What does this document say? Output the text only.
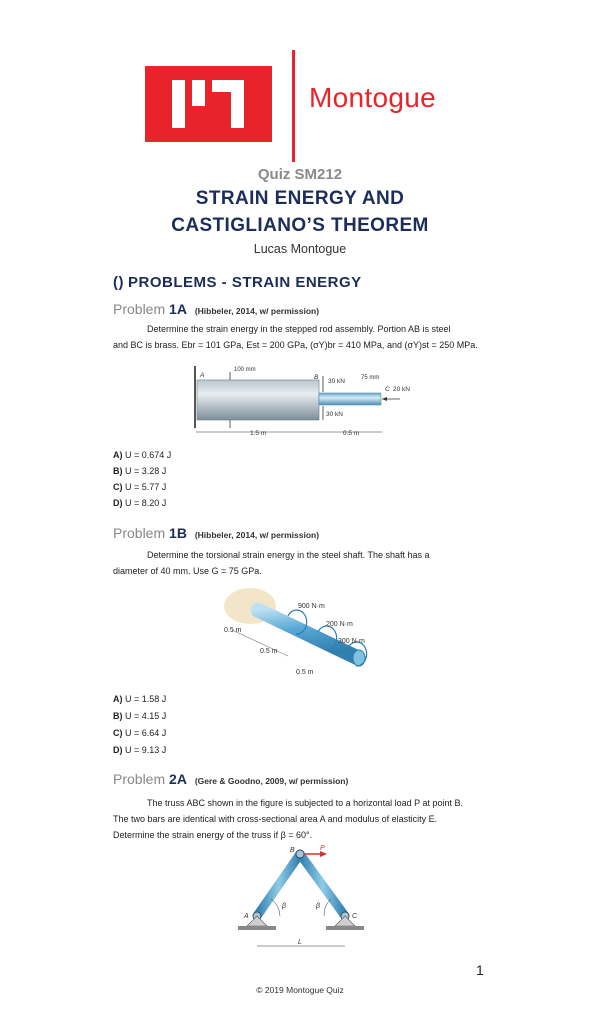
Montogue
Quiz SM212
STRAIN ENERGY AND
CASTIGLIANO’S THEOREM
Lucas Montogue
() PROBLEMS - STRAIN ENERGY
Problem 1A (Hibbeler, 2014, w/ permission)
Determine the strain energy in the stepped rod assembly. Portion AB is steel
and BC is brass. Ebr = 101 GPa, Est = 200 GPa, (σY)br = 410 MPa, and (σY)st = 250 MPa.
100 mm
A	B
30 kN	75 mm
C 20 kN
30 kN
1.5 m	0.5 m
A) U = 0.674 J
B) U = 3.28 J
C) U = 5.77 J
D) U = 8.20 J
Problem 1B (Hibbeler, 2014, w/ permission)
Determine the torsional strain energy in the steel shaft. The shaft has a
diameter of 40 mm. Use G = 75 GPa.
900 N·m
200 N·m
300 N·m
0.5 m
0.5 m
0.5 m
A) U = 1.58 J
B) U = 4.15 J
C) U = 6.64 J
D) U = 9.13 J
Problem 2A (Gere & Goodno, 2009, w/ permission)
The truss ABC shown in the figure is subjected to a horizontal load P at point B.
The two bars are identical with cross-sectional area A and modulus of elasticity E.
Determine the strain energy of the truss if β = 60°.
B	P
A	C
β	β
L
1
© 2019 Montogue Quiz
